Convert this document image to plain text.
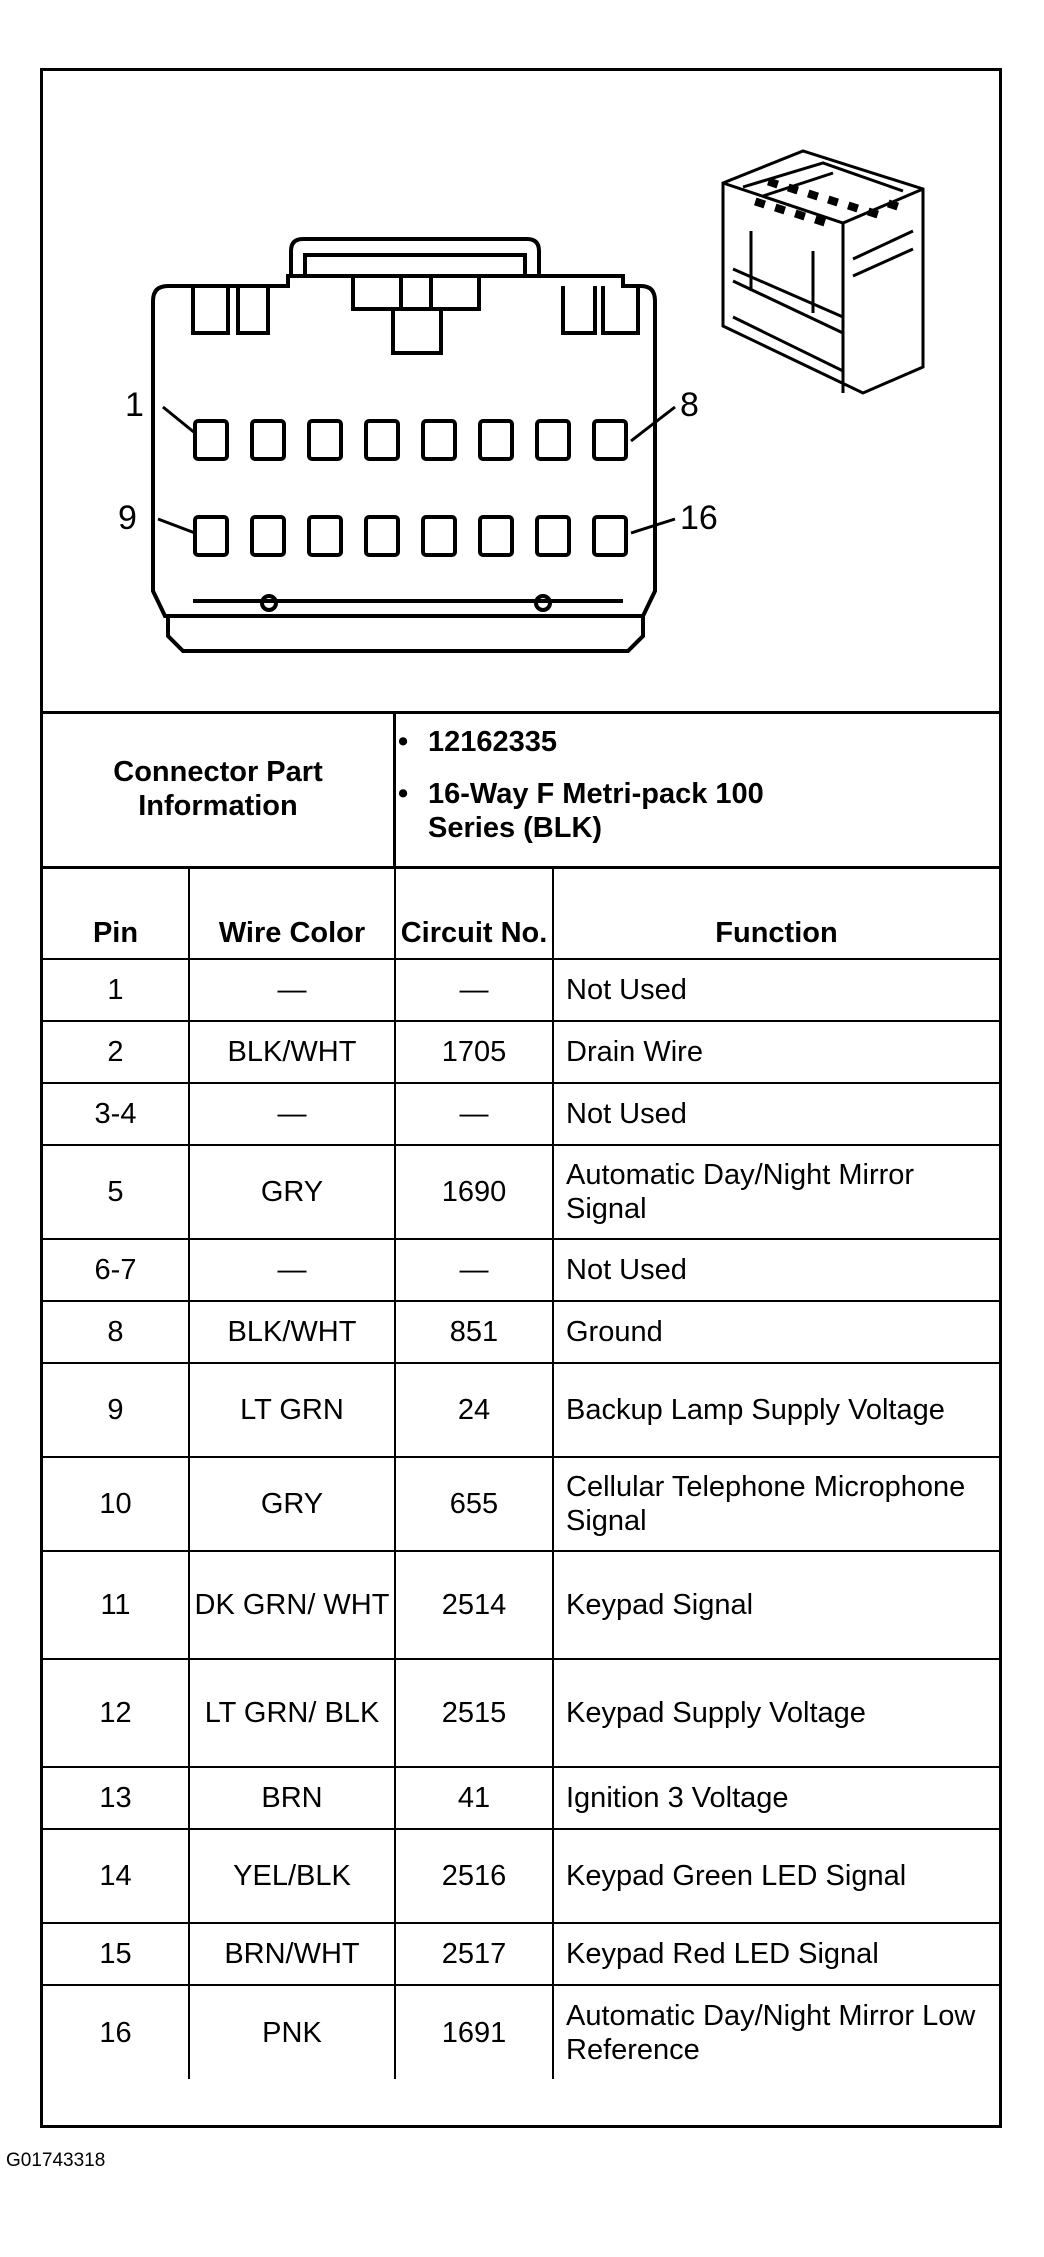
1	8
9	16
Connector Part Information
• 12162335
• 16-Way F Metri-pack 100 Series (BLK)
Pin	Wire Color	Circuit No.	Function
1	—	—	Not Used
2	BLK/WHT	1705	Drain Wire
3-4	—	—	Not Used
5	GRY	1690	Automatic Day/Night Mirror Signal
6-7	—	—	Not Used
8	BLK/WHT	851	Ground
9	LT GRN	24	Backup Lamp Supply Voltage
10	GRY	655	Cellular Telephone Microphone Signal
11	DK GRN/ WHT	2514	Keypad Signal
12	LT GRN/ BLK	2515	Keypad Supply Voltage
13	BRN	41	Ignition 3 Voltage
14	YEL/BLK	2516	Keypad Green LED Signal
15	BRN/WHT	2517	Keypad Red LED Signal
16	PNK	1691	Automatic Day/Night Mirror Low Reference
G01743318
